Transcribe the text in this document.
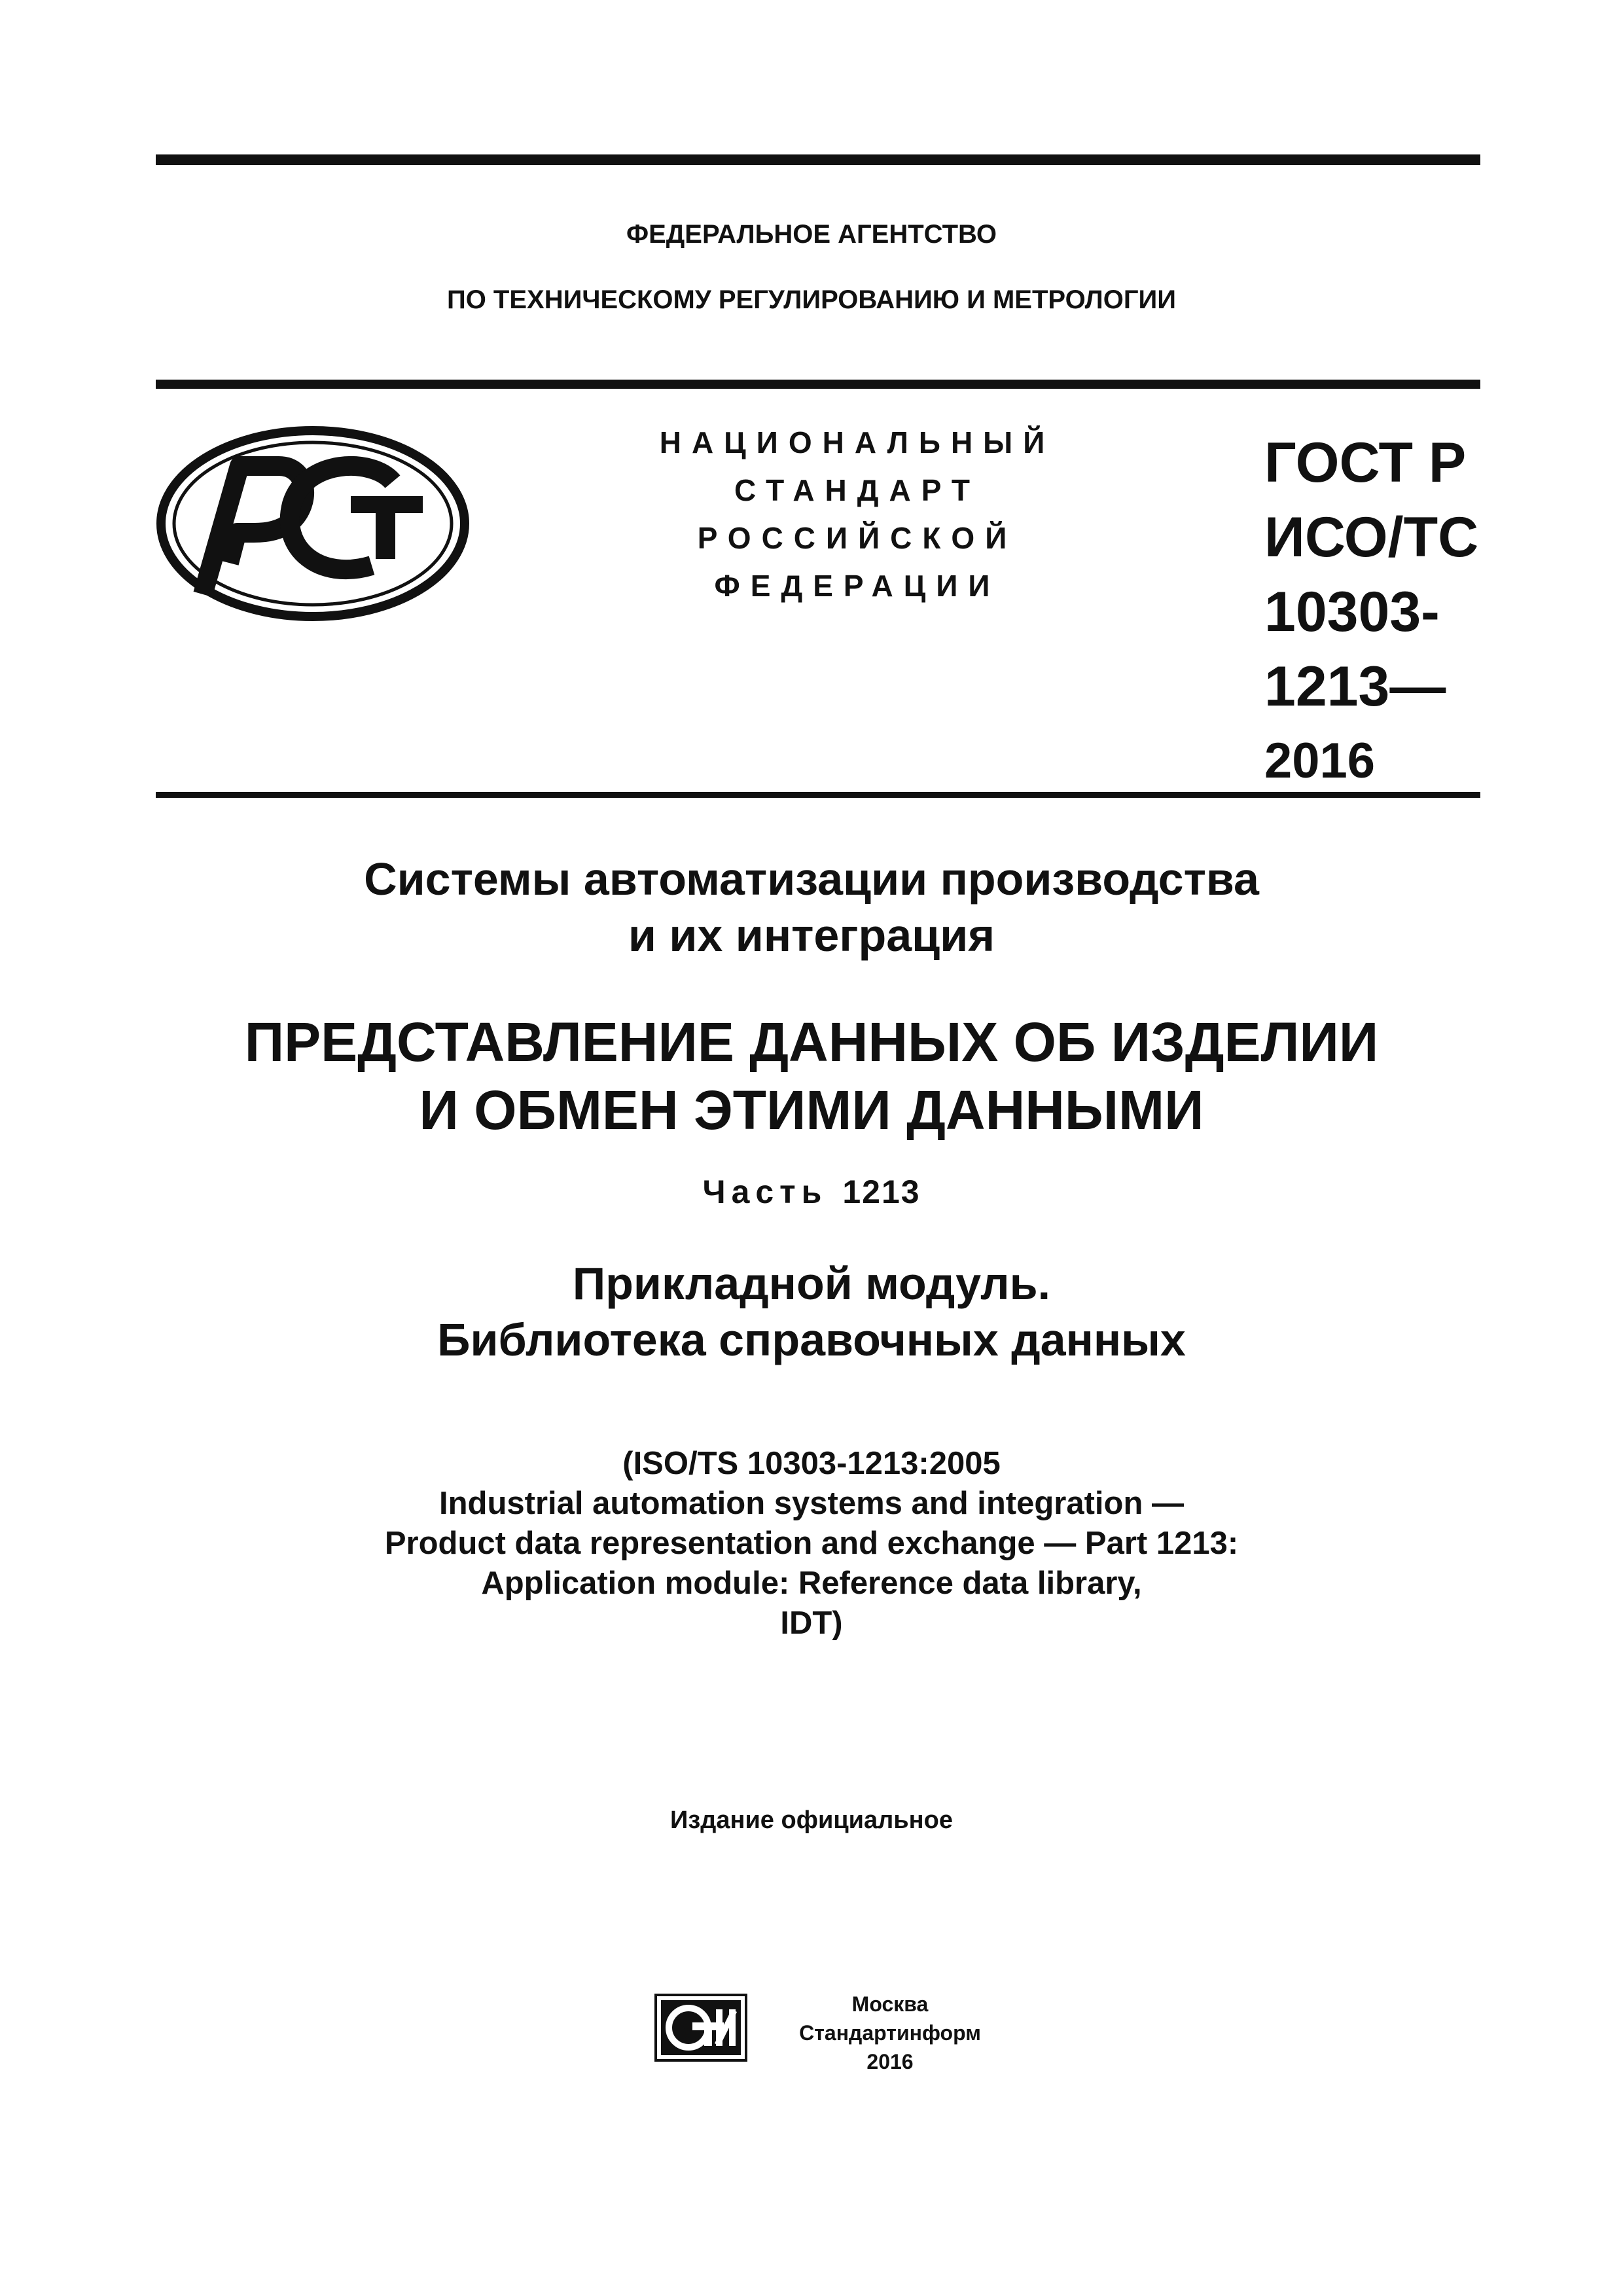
ФЕДЕРАЛЬНОЕ АГЕНТСТВО
ПО ТЕХНИЧЕСКОМУ РЕГУЛИРОВАНИЮ И МЕТРОЛОГИИ
РСТ	НАЦИОНАЛЬНЫЙ
СТАНДАРТ
РОССИЙСКОЙ
ФЕДЕРАЦИИ
ГОСТ Р
ИСО/ТС
10303-
1213—
2016
Системы автоматизации производства
и их интеграция
ПРЕДСТАВЛЕНИЕ ДАННЫХ ОБ ИЗДЕЛИИ
И ОБМЕН ЭТИМИ ДАННЫМИ
Часть 1213
Прикладной модуль.
Библиотека справочных данных
(ISO/TS 10303-1213:2005
Industrial automation systems and integration —
Product data representation and exchange — Part 1213:
Application module: Reference data library,
IDT)
Издание официальное
Москва
Стандартинформ
2016
